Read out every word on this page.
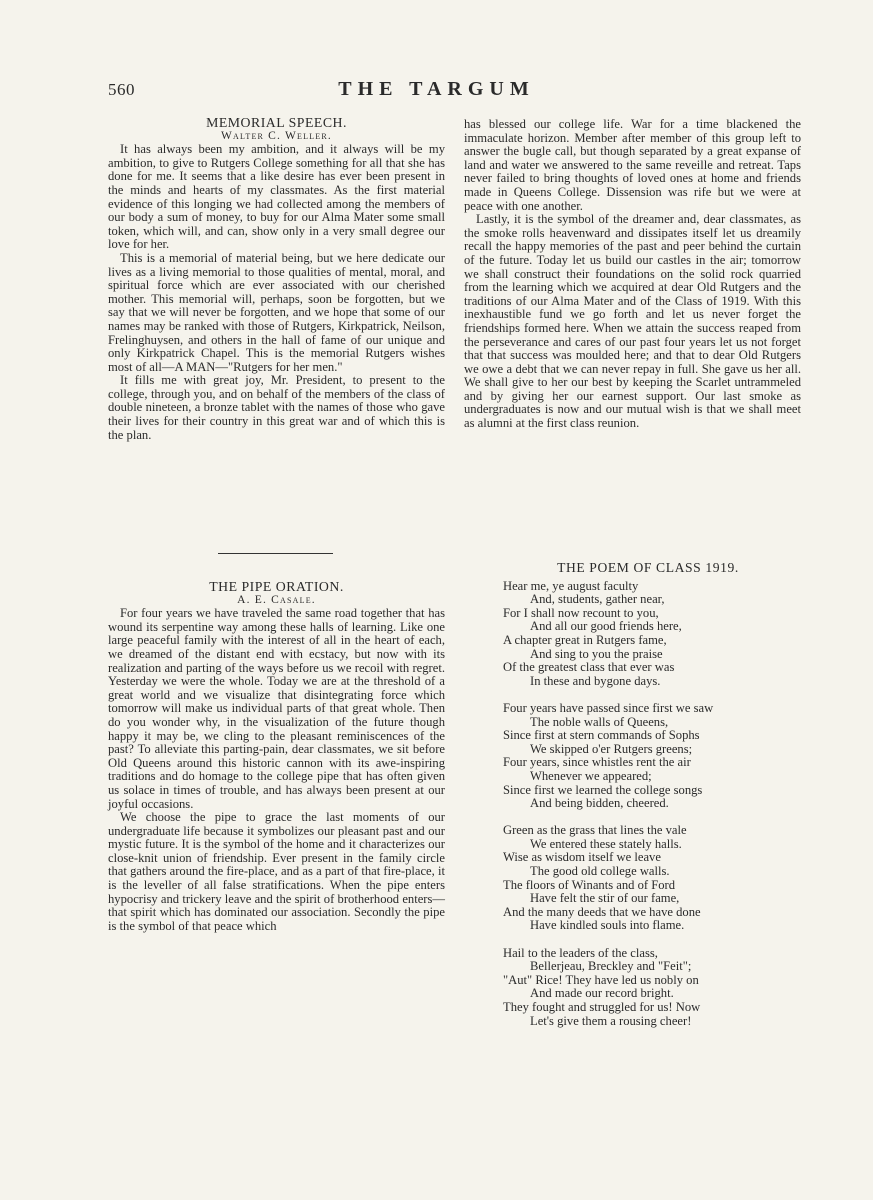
560	THE TARGUM

MEMORIAL SPEECH.

Walter C. Weller.

It has always been my ambition, and it always will be my ambition, to give to Rutgers College something for all that she has done for me. It seems that a like desire has ever been present in the minds and hearts of my classmates. As the first material evidence of this longing we had collected among the members of our body a sum of money, to buy for our Alma Mater some small token, which will, and can, show only in a very small degree our love for her.

This is a memorial of material being, but we here dedicate our lives as a living memorial to those qualities of mental, moral, and spiritual force which are ever associated with our cherished mother. This memorial will, perhaps, soon be forgotten, but we say that we will never be forgotten, and we hope that some of our names may be ranked with those of Rutgers, Kirkpatrick, Neilson, Frelinghuysen, and others in the hall of fame of our unique and only Kirkpatrick Chapel. This is the memorial Rutgers wishes most of all—A MAN—"Rutgers for her men."

It fills me with great joy, Mr. President, to present to the college, through you, and on behalf of the members of the class of double nineteen, a bronze tablet with the names of those who gave their lives for their country in this great war and of which this is the plan.

has blessed our college life. War for a time blackened the immaculate horizon. Member after member of this group left to answer the bugle call, but though separated by a great expanse of land and water we answered to the same reveille and retreat. Taps never failed to bring thoughts of loved ones at home and friends made in Queens College. Dissension was rife but we were at peace with one another.

Lastly, it is the symbol of the dreamer and, dear classmates, as the smoke rolls heavenward and dissipates itself let us dreamily recall the happy memories of the past and peer behind the curtain of the future. Today let us build our castles in the air; tomorrow we shall construct their foundations on the solid rock quarried from the learning which we acquired at dear Old Rutgers and the traditions of our Alma Mater and of the Class of 1919. With this inexhaustible fund we go forth and let us never forget the friendships formed here. When we attain the success reaped from the perseverance and cares of our past four years let us not forget that that success was moulded here; and that to dear Old Rutgers we owe a debt that we can never repay in full. She gave us her all. We shall give to her our best by keeping the Scarlet untrammeled and by giving her our earnest support. Our last smoke as undergraduates is now and our mutual wish is that we shall meet as alumni at the first class reunion.

THE PIPE ORATION.

A. E. Casale.

For four years we have traveled the same road together that has wound its serpentine way among these halls of learning. Like one large peaceful family with the interest of all in the heart of each, we dreamed of the distant end with ecstacy, but now with its realization and parting of the ways before us we recoil with regret. Yesterday we were the whole. Today we are at the threshold of a great world and we visualize that disintegrating force which tomorrow will make us individual parts of that great whole. Then do you wonder why, in the visualization of the future though happy it may be, we cling to the pleasant reminiscences of the past? To alleviate this parting-pain, dear classmates, we sit before Old Queens around this historic cannon with its awe-inspiring traditions and do homage to the college pipe that has often given us solace in times of trouble, and has always been present at our joyful occasions.

We choose the pipe to grace the last moments of our undergraduate life because it symbolizes our pleasant past and our mystic future. It is the symbol of the home and it characterizes our close-knit union of friendship. Ever present in the family circle that gathers around the fire-place, and as a part of that fire-place, it is the leveller of all false stratifications. When the pipe enters hypocrisy and trickery leave and the spirit of brotherhood enters—that spirit which has dominated our association. Secondly the pipe is the symbol of that peace which

THE POEM OF CLASS 1919.
Hear me, ye august faculty
And, students, gather near,
For I shall now recount to you,
And all our good friends here,
A chapter great in Rutgers fame,
And sing to you the praise
Of the greatest class that ever was
In these and bygone days.
Four years have passed since first we saw
The noble walls of Queens,
Since first at stern commands of Sophs
We skipped o'er Rutgers greens;
Four years, since whistles rent the air
Whenever we appeared;
Since first we learned the college songs
And being bidden, cheered.
Green as the grass that lines the vale
We entered these stately halls.
Wise as wisdom itself we leave
The good old college walls.
The floors of Winants and of Ford
Have felt the stir of our fame,
And the many deeds that we have done
Have kindled souls into flame.
Hail to the leaders of the class,
Bellerjeau, Breckley and "Feit";
"Aut" Rice! They have led us nobly on
And made our record bright.
They fought and struggled for us! Now
Let's give them a rousing cheer!
